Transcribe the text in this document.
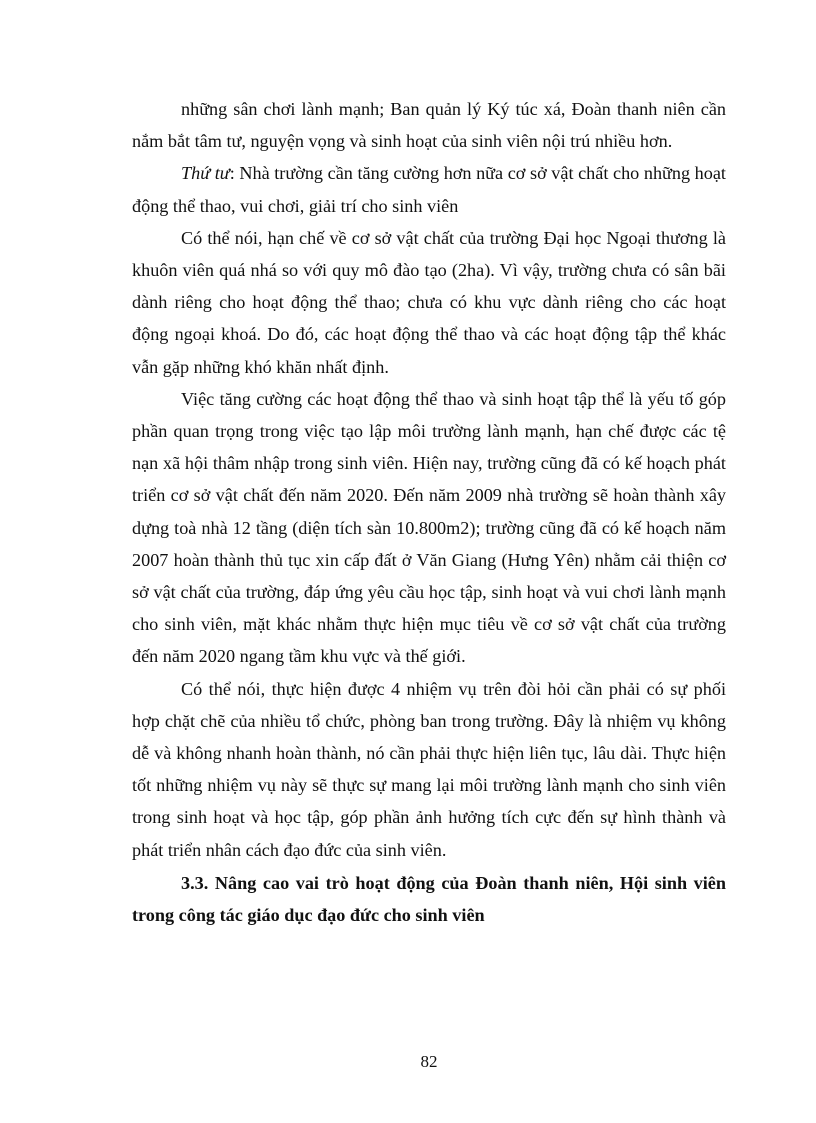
những sân chơi lành mạnh; Ban quản lý Ký túc xá, Đoàn thanh niên cần nắm bắt tâm tư, nguyện vọng và sinh hoạt của sinh viên nội trú nhiều hơn.

Thứ tư: Nhà trường cần tăng cường hơn nữa cơ sở vật chất cho những hoạt động thể thao, vui chơi, giải trí cho sinh viên

Có thể nói, hạn chế về cơ sở vật chất của trường Đại học Ngoại thương là khuôn viên quá nhá so với quy mô đào tạo (2ha). Vì vậy, trường chưa có sân bãi dành riêng cho hoạt động thể thao; chưa có khu vực dành riêng cho các hoạt động ngoại khoá. Do đó, các hoạt động thể thao và các hoạt động tập thể khác vẫn gặp những khó khăn nhất định.

Việc tăng cường các hoạt động thể thao và sinh hoạt tập thể là yếu tố góp phần quan trọng trong việc tạo lập môi trường lành mạnh, hạn chế được các tệ nạn xã hội thâm nhập trong sinh viên. Hiện nay, trường cũng đã có kế hoạch phát triển cơ sở vật chất đến năm 2020. Đến năm 2009 nhà trường sẽ hoàn thành xây dựng toà nhà 12 tầng (diện tích sàn 10.800m2); trường cũng đã có kế hoạch năm 2007 hoàn thành thủ tục xin cấp đất ở Văn Giang (Hưng Yên) nhằm cải thiện cơ sở vật chất của trường, đáp ứng yêu cầu học tập, sinh hoạt và vui chơi lành mạnh cho sinh viên, mặt khác nhằm thực hiện mục tiêu về cơ sở vật chất của trường đến năm 2020 ngang tầm khu vực và thế giới.

Có thể nói, thực hiện được 4 nhiệm vụ trên đòi hỏi cần phải có sự phối hợp chặt chẽ của nhiều tổ chức, phòng ban trong trường. Đây là nhiệm vụ không dễ và không nhanh hoàn thành, nó cần phải thực hiện liên tục, lâu dài. Thực hiện tốt những nhiệm vụ này sẽ thực sự mang lại môi trường lành mạnh cho sinh viên trong sinh hoạt và học tập, góp phần ảnh hưởng tích cực đến sự hình thành và phát triển nhân cách đạo đức của sinh viên.

3.3. Nâng cao vai trò hoạt động của Đoàn thanh niên, Hội sinh viên trong công tác giáo dục đạo đức cho sinh viên

82
